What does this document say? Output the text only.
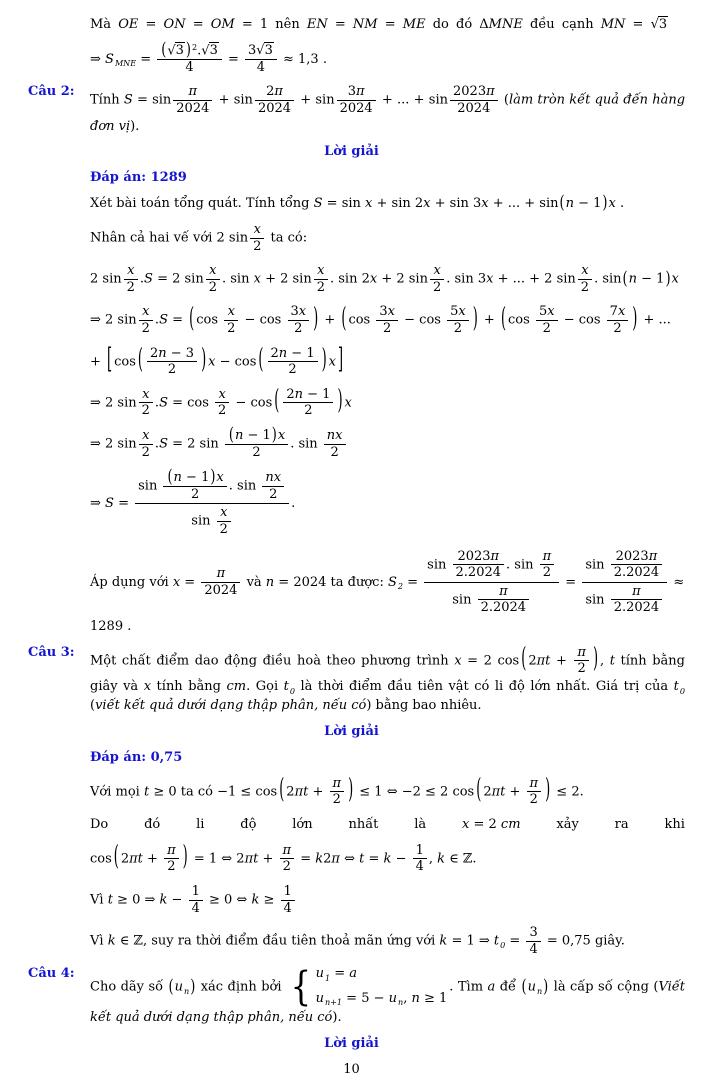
Mà OE = ON = OM = 1 nên EN = NM = ME do đó ΔMNE đều cạnh MN = √3
⇒ $S_{MNE} = \frac{(√3 )^2.√3}{4} = \frac{3√3}{4} \approx 1,3$ .
Câu 2:
Tính $S = \sin \frac{\pi}{2024} + \sin \frac{2\pi}{2024} + \sin \frac{3\pi}{2024}$ + ... + $\sin \frac{2023\pi}{2024}$ (làm tròn kết quả đến hàng đơn vị).
Lời giải
Đáp án: 1289
Xét bài toán tổng quát. Tính tổng S = sin x + sin 2x + sin 3x + ... + sin(n − 1)x .
Nhân cả hai vế với 2 $\sin \frac{x}{2}$ ta có:
2 $\sin \frac{x}{2} .S = 2$ $\sin \frac{x}{2}$ . sin x + 2 $\sin \frac{x}{2}$ . sin 2x + 2 $\sin \frac{x}{2}$ . sin 3x + ... + 2 $\sin \frac{x}{2}$ . sin(n − 1)x
⇒ 2 $\sin \frac{x}{2} .S$ = ( $\cos \frac{x}{2} - \cos \frac{3x}{2}$ ) + ( $\cos \frac{3x}{2} - \cos \frac{5x}{2}$ ) + ( $\cos \frac{5x}{2} - \cos \frac{7x}{2}$ ) + ...
+ [ cos ( $\frac{2n - 3}{2}$ ) x − cos ( $\frac{2n - 1}{2}$ ) x ]
⇒ 2 $\sin \frac{x}{2} .S = \cos \frac{x}{2} - \cos$ ( $\frac{2n - 1}{2}$ ) x
⇒ 2 $\sin \frac{x}{2} .S = 2$ $\sin \frac{(n - 1)x}{2}$ . $\sin \frac{nx}{2}$
⇒ $S = \frac{\sin \frac{(n - 1)x}{2} . \sin \frac{nx}{2}}{\sin \frac{x}{2}}$ .
Áp dụng với $x = \frac{\pi}{2024}$ và n = 2024 ta được: $S_2 = \frac{\sin \frac{2023\pi}{2.2024} . \sin \frac{\pi}{2}}{\sin \frac{\pi}{2.2024}} = \frac{\sin \frac{2023\pi}{2.2024}}{\sin \frac{\pi}{2.2024}} \approx 1289$ .
Câu 3:
Một chất điểm dao động điều hoà theo phương trình x = 2 cos ( $2\pi t + \frac{\pi}{2}$ ) , t tính bằng giây và x tính bằng cm. Gọi $t_0$ là thời điểm đầu tiên vật có li độ lớn nhất. Giá trị của $t_0$ (viết kết quả dưới dạng thập phân, nếu có) bằng bao nhiêu.
Lời giải
Đáp án: 0,75
Với mọi t ≥ 0 ta có −1 ≤ cos ( $2\pi t + \frac{\pi}{2}$ ) ≤ 1 ⇔ −2 ≤ 2 cos ( $2\pi t + \frac{\pi}{2}$ ) ≤ 2.
Do	đó	li	độ	lớn	nhất	là	x = 2 cm	xảy	ra	khi
cos ( $2\pi t + \frac{\pi}{2}$ ) = 1 ⇔ $2\pi t + \frac{\pi}{2} = k2\pi$ ⇔ $t = k - \frac{1}{4}$ , k ∈ ℤ.
Vì t ≥ 0 ⇒ $k - \frac{1}{4} \ge 0$ ⇔ $k \ge \frac{1}{4}$
Vì k ∈ ℤ, suy ra thời điểm đầu tiên thoả mãn ứng với k = 1 ⇒ $t_0 = \frac{3}{4} = 0,75$ giây.
Câu 4:
Cho dãy số $(u_n)$ xác định bởi { $u_1 = a$
$u_{n+1} = 5 - u_n$, n ≥ 1
. Tìm a để $(u_n)$ là cấp số cộng (Viết kết quả dưới dạng thập phân, nếu có).
Lời giải
10
